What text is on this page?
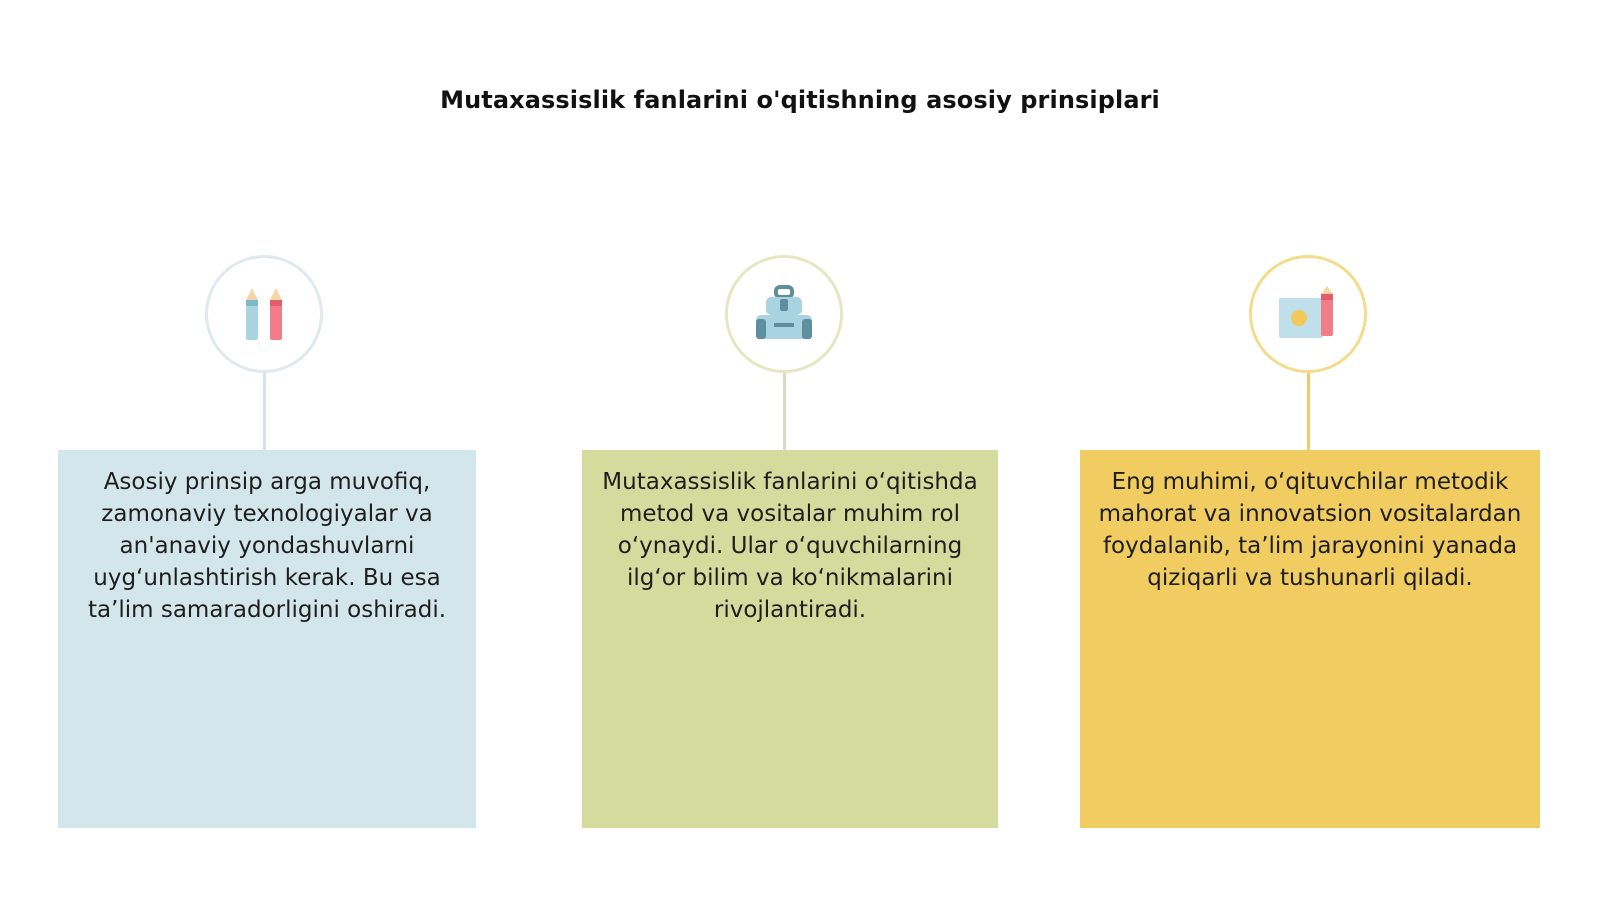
Mutaxassislik fanlarini o'qitishning asosiy prinsiplari
Asosiy prinsip arga muvofiq, zamonaviy texnologiyalar va an'anaviy yondashuvlarni uyg‘unlashtirish kerak. Bu esa ta’lim samaradorligini oshiradi.
Mutaxassislik fanlarini o‘qitishda metod va vositalar muhim rol o‘ynaydi. Ular o‘quvchilarning ilg‘or bilim va ko‘nikmalarini rivojlantiradi.
Eng muhimi, o‘qituvchilar metodik mahorat va innovatsion vositalardan foydalanib, ta’lim jarayonini yanada qiziqarli va tushunarli qiladi.
